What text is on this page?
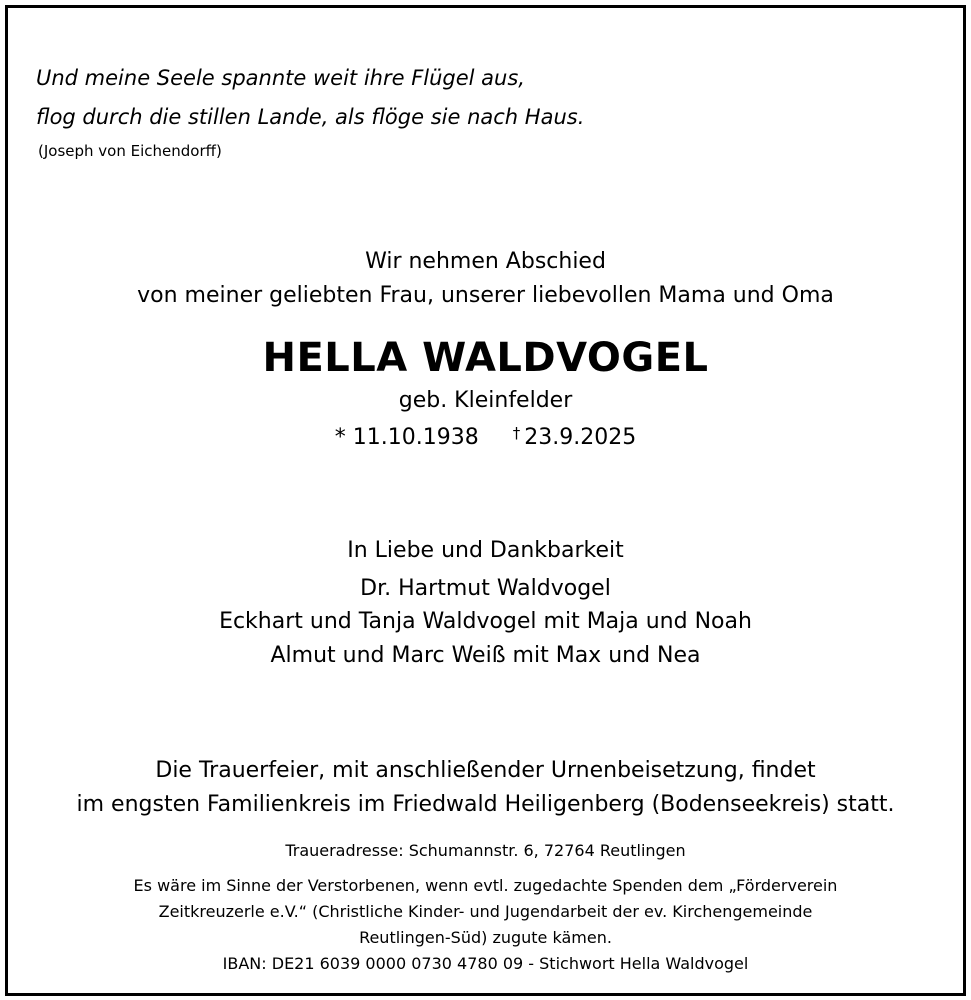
Und meine Seele spannte weit ihre Flügel aus,
flog durch die stillen Lande, als flöge sie nach Haus.
(Joseph von Eichendorff)
Wir nehmen Abschied
von meiner geliebten Frau, unserer liebevollen Mama und Oma
HELLA WALDVOGEL
geb. Kleinfelder
* 11.10.1938 † 23.9.2025
In Liebe und Dankbarkeit
Dr. Hartmut Waldvogel
Eckhart und Tanja Waldvogel mit Maja und Noah
Almut und Marc Weiß mit Max und Nea
Die Trauerfeier, mit anschließender Urnenbeisetzung, findet
im engsten Familienkreis im Friedwald Heiligenberg (Bodenseekreis) statt.
Traueradresse: Schumannstr. 6, 72764 Reutlingen
Es wäre im Sinne der Verstorbenen, wenn evtl. zugedachte Spenden dem „Förderverein
Zeitkreuzerle e.V.“ (Christliche Kinder- und Jugendarbeit der ev. Kirchengemeinde
Reutlingen-Süd) zugute kämen.
IBAN: DE21 6039 0000 0730 4780 09 - Stichwort Hella Waldvogel
